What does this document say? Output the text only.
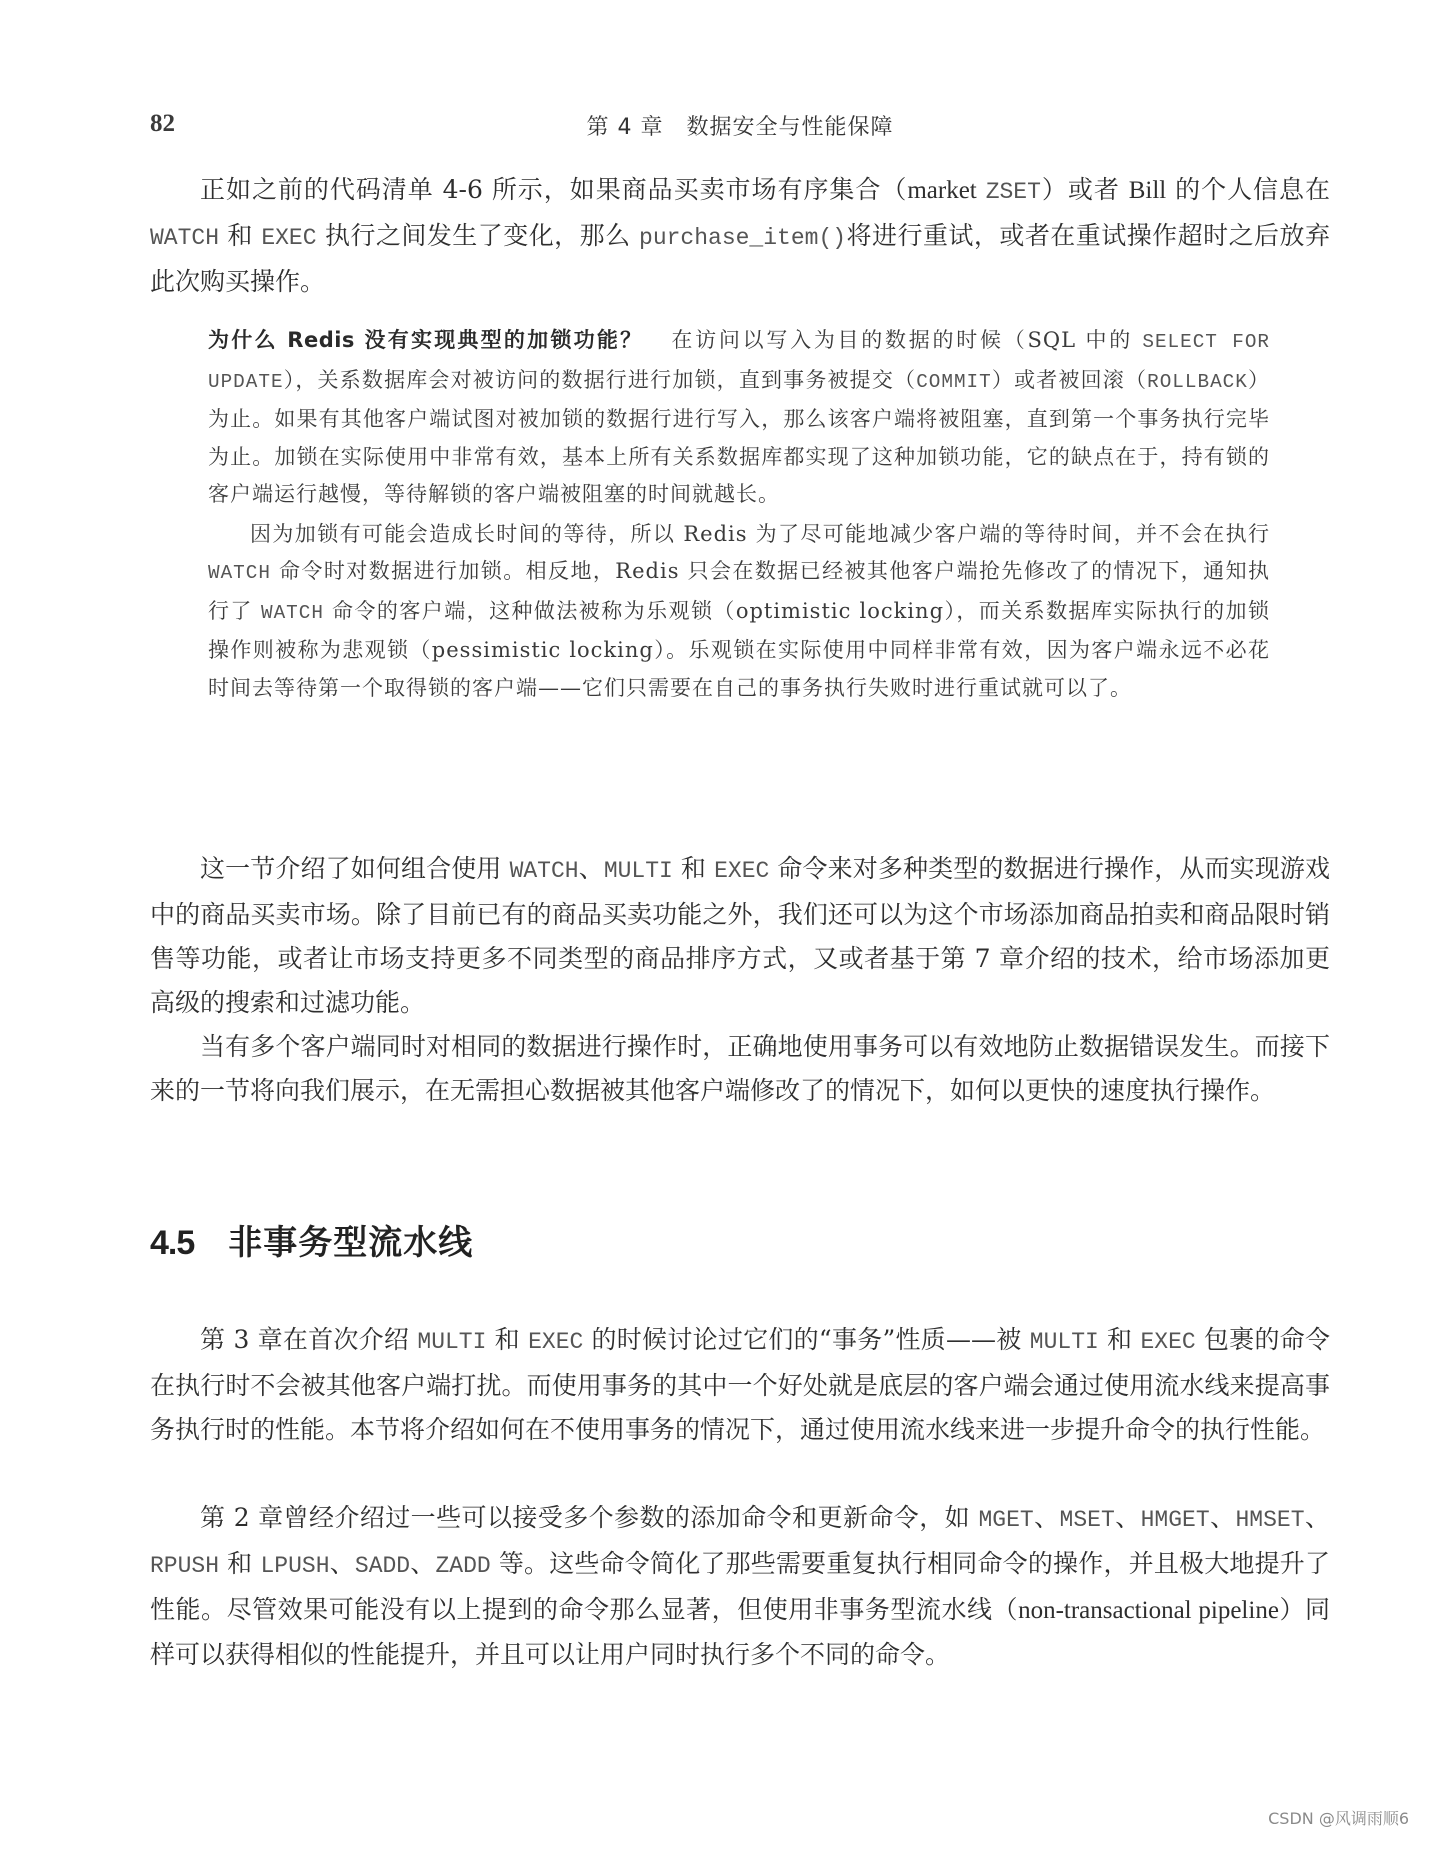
82	第 4 章　数据安全与性能保障

正如之前的代码清单 4-6 所示，如果商品买卖市场有序集合（market ZSET）或者 Bill 的个人信息在 WATCH 和 EXEC 执行之间发生了变化，那么 purchase_item()将进行重试，或者在重试操作超时之后放弃此次购买操作。

为什么 Redis 没有实现典型的加锁功能？ 在访问以写入为目的数据的时候（SQL 中的 SELECT FOR UPDATE），关系数据库会对被访问的数据行进行加锁，直到事务被提交（COMMIT）或者被回滚（ROLLBACK）为止。如果有其他客户端试图对被加锁的数据行进行写入，那么该客户端将被阻塞，直到第一个事务执行完毕为止。加锁在实际使用中非常有效，基本上所有关系数据库都实现了这种加锁功能，它的缺点在于，持有锁的客户端运行越慢，等待解锁的客户端被阻塞的时间就越长。

因为加锁有可能会造成长时间的等待，所以 Redis 为了尽可能地减少客户端的等待时间，并不会在执行 WATCH 命令时对数据进行加锁。相反地，Redis 只会在数据已经被其他客户端抢先修改了的情况下，通知执行了 WATCH 命令的客户端，这种做法被称为乐观锁（optimistic locking），而关系数据库实际执行的加锁操作则被称为悲观锁（pessimistic locking）。乐观锁在实际使用中同样非常有效，因为客户端永远不必花时间去等待第一个取得锁的客户端——它们只需要在自己的事务执行失败时进行重试就可以了。

这一节介绍了如何组合使用 WATCH、MULTI 和 EXEC 命令来对多种类型的数据进行操作，从而实现游戏中的商品买卖市场。除了目前已有的商品买卖功能之外，我们还可以为这个市场添加商品拍卖和商品限时销售等功能，或者让市场支持更多不同类型的商品排序方式，又或者基于第 7 章介绍的技术，给市场添加更高级的搜索和过滤功能。

当有多个客户端同时对相同的数据进行操作时，正确地使用事务可以有效地防止数据错误发生。而接下来的一节将向我们展示，在无需担心数据被其他客户端修改了的情况下，如何以更快的速度执行操作。

4.5 非事务型流水线

第 3 章在首次介绍 MULTI 和 EXEC 的时候讨论过它们的“事务”性质——被 MULTI 和 EXEC 包裹的命令在执行时不会被其他客户端打扰。而使用事务的其中一个好处就是底层的客户端会通过使用流水线来提高事务执行时的性能。本节将介绍如何在不使用事务的情况下，通过使用流水线来进一步提升命令的执行性能。

第 2 章曾经介绍过一些可以接受多个参数的添加命令和更新命令，如 MGET、MSET、HMGET、HMSET、RPUSH 和 LPUSH、SADD、ZADD 等。这些命令简化了那些需要重复执行相同命令的操作，并且极大地提升了性能。尽管效果可能没有以上提到的命令那么显著，但使用非事务型流水线（non-transactional pipeline）同样可以获得相似的性能提升，并且可以让用户同时执行多个不同的命令。

CSDN @风调雨顺6
